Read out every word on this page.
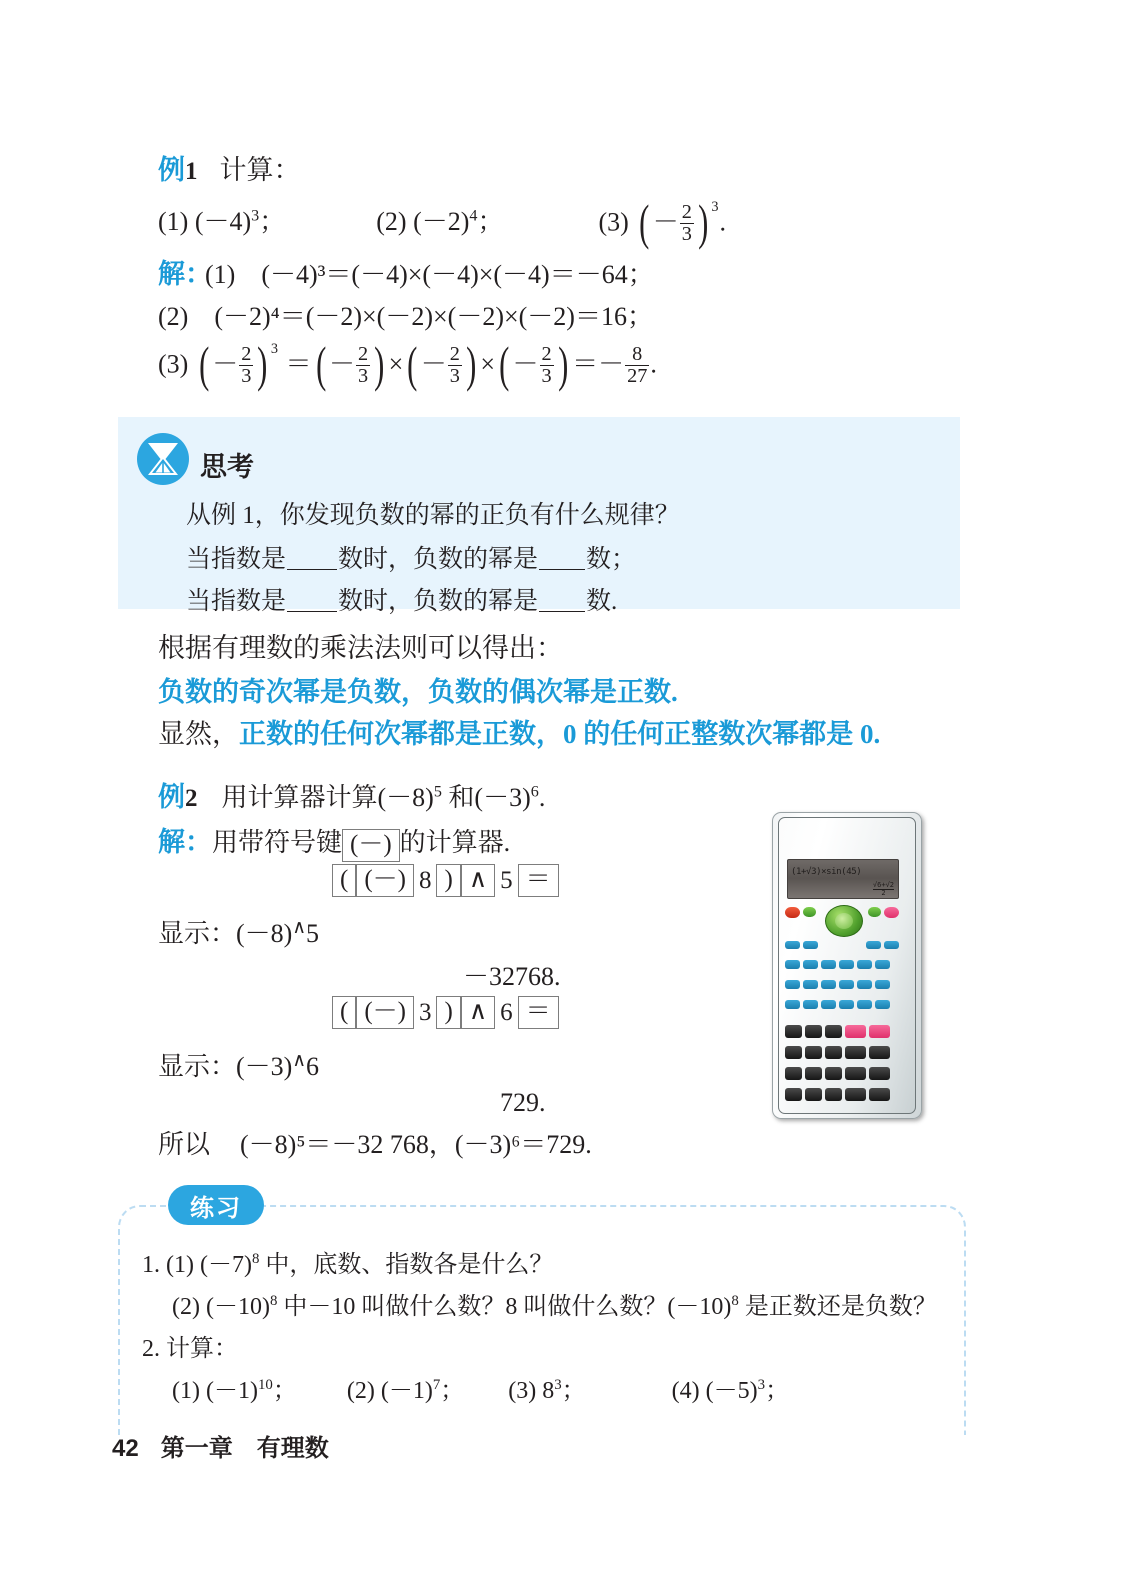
例1 计算：
(1) $(-4)^3$；	(2) $(-2)^4$；	(3) ( － $\frac{2}{3}$ ) $^3$.
解：
(1)　(－4)³＝(－4)×(－4)×(－4)＝－64；
(2)　(－2)⁴＝(－2)×(－2)×(－2)×(－2)＝16；
(3) ( － $\frac{2}{3}$ ) $^3$ ＝( － $\frac{2}{3}$ ) ×( － $\frac{2}{3}$ ) ×( － $\frac{2}{3}$ ) ＝－ $\frac{8}{27}$ .
思考
从例 1，你发现负数的幂的正负有什么规律？
当指数是 数时，负数的幂是 数；
当指数是 数时，负数的幂是 数.
根据有理数的乘法法则可以得出：
负数的奇次幂是负数，负数的偶次幂是正数.
显然，正数的任何次幂都是正数，0 的任何正整数次幂都是 0.
例2 用计算器计算$(-8)^5$ 和$(-3)^6$.
解：用带符号键 (－) 的计算器.
( (－) 8 ) ∧ 5 ＝
显示：(－8)∧5
－32768.
( (－) 3 ) ∧ 6 ＝
显示：(－3)∧6
729.
所以 (－8)⁵＝－32 768，(－3)⁶＝729.
(1+√3)×sin(45)
$\frac{√6+√2}{2}$
练习
1. (1) $(-7)^8$ 中，底数、指数各是什么？
(2) $(-10)^8$ 中－10 叫做什么数？8 叫做什么数？$(-10)^8$ 是正数还是负数？
2. 计算：
(1) $(-1)^{10}$； (2) $(-1)^7$； (3) $8^3$；	(4) $(-5)^3$；
42 第一章 有理数
